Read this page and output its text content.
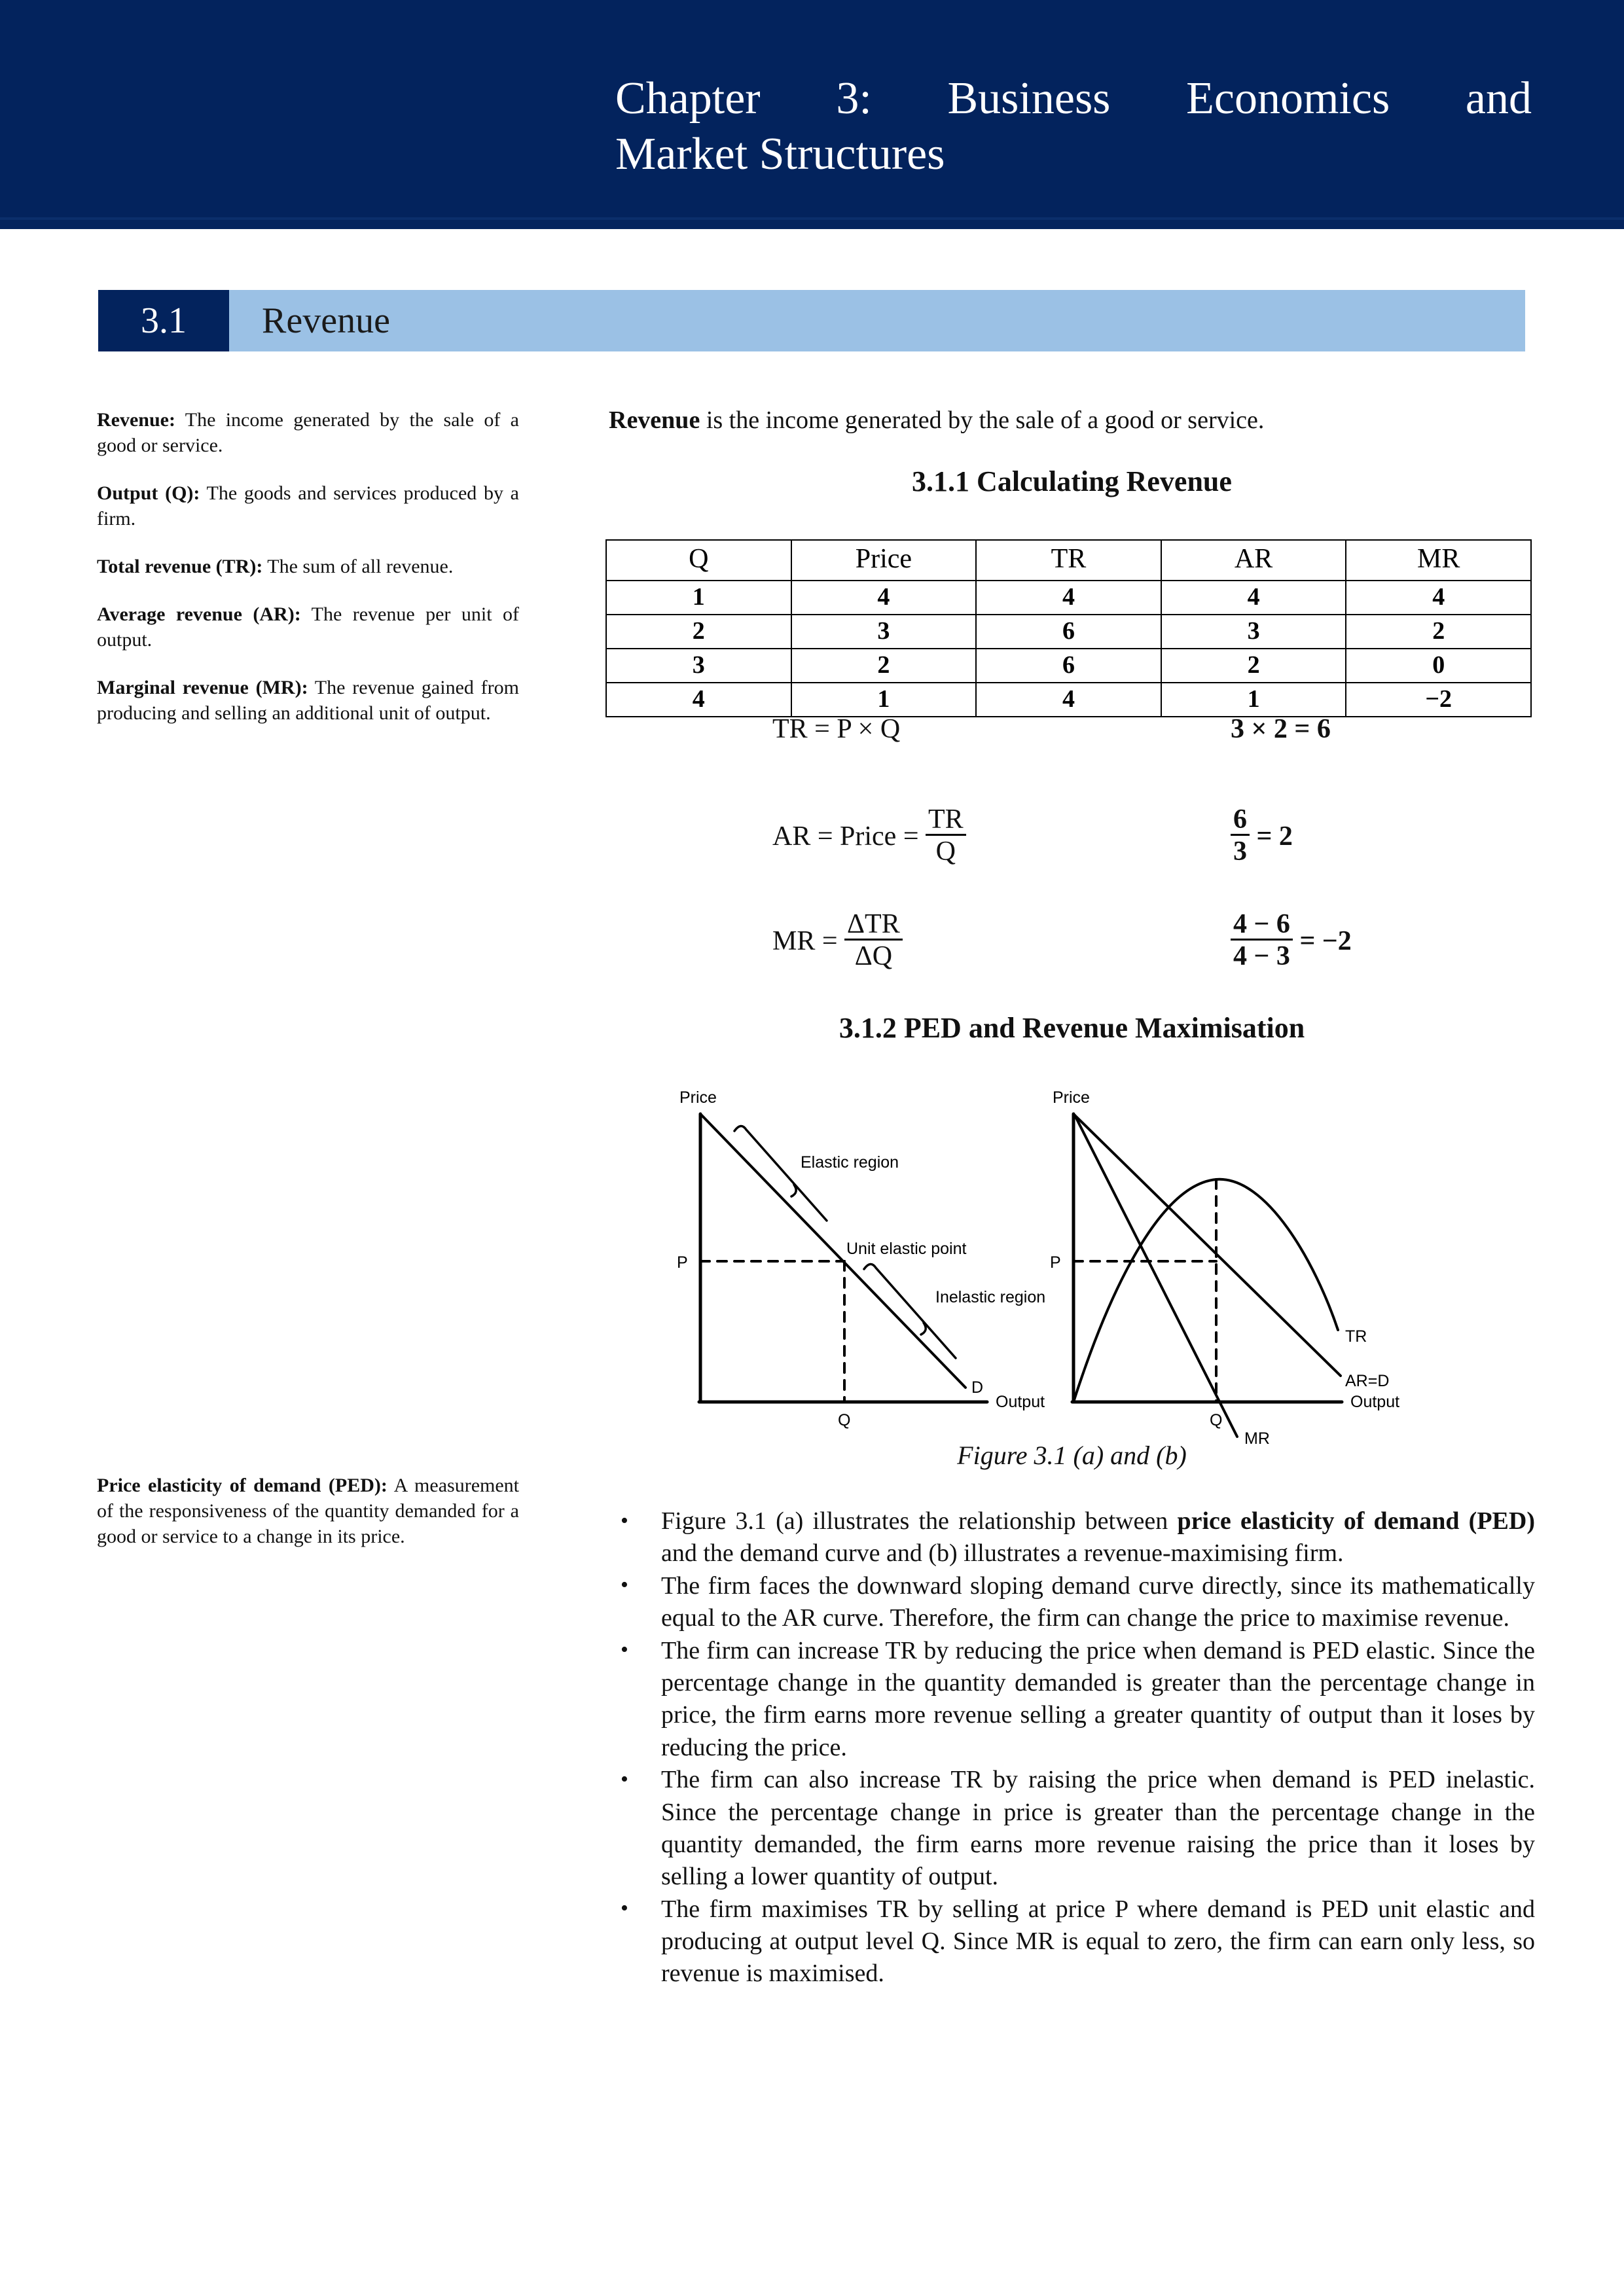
Chapter 3: Business Economics and
Market Structures
3.1	Revenue
Revenue: The income generated by the sale of a good or service.
Output (Q): The goods and services produced by a firm.
Total revenue (TR): The sum of all revenue.
Average revenue (AR): The revenue per unit of output.
Marginal revenue (MR): The revenue gained from producing and selling an additional unit of output.
Price elasticity of demand (PED): A measurement of the responsiveness of the quantity demanded for a good or service to a change in its price.
Revenue is the income generated by the sale of a good or service.
3.1.1 Calculating Revenue
Q	Price	TR	AR	MR
1	4	4	4	4
2	3	6	3	2
3	2	6	2	0
4	1	4	1	−2
TR = P × Q	3 × 2 = 6
AR = Price = $\frac{TR}{Q}$	$\frac{6}{3} = 2$
MR = $\frac{\text{ΔTR}}{\Delta Q}$	$\frac{4 - 6}{4 - 3} = -2$
3.1.2 PED and Revenue Maximisation
Price
Output
P
Q
D
Elastic region
Unit elastic point
Inelastic region
Price
Output
P
Q
TR
AR=D
MR
Figure 3.1 (a) and (b)
• Figure 3.1 (a) illustrates the relationship between price elasticity of demand (PED) and the demand curve and (b) illustrates a revenue-maximising firm.
• The firm faces the downward sloping demand curve directly, since its mathematically equal to the AR curve. Therefore, the firm can change the price to maximise revenue.
• The firm can increase TR by reducing the price when demand is PED elastic. Since the percentage change in the quantity demanded is greater than the percentage change in price, the firm earns more revenue selling a greater quantity of output than it loses by reducing the price.
• The firm can also increase TR by raising the price when demand is PED inelastic. Since the percentage change in price is greater than the percentage change in the quantity demanded, the firm earns more revenue raising the price than it loses by selling a lower quantity of output.
• The firm maximises TR by selling at price P where demand is PED unit elastic and producing at output level Q. Since MR is equal to zero, the firm can earn only less, so revenue is maximised.
